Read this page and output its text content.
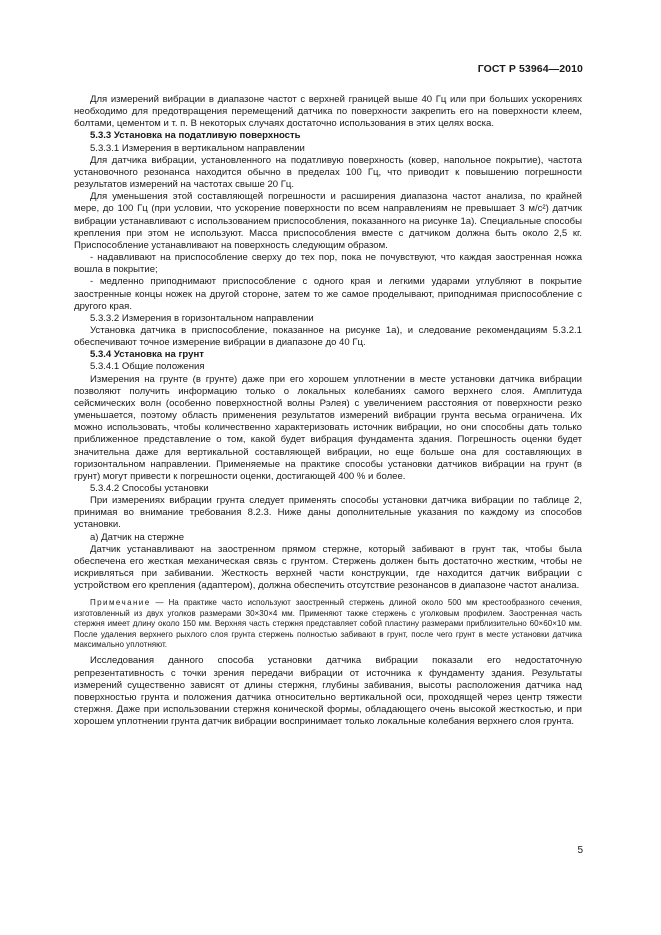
ГОСТ Р 53964—2010

Для измерений вибрации в диапазоне частот с верхней границей выше 40 Гц или при больших ускорениях необходимо для предотвращения перемещений датчика по поверхности закрепить его на поверхности клеем, болтами, цементом и т. п. В некоторых случаях достаточно использования в этих целях воска.

5.3.3 Установка на податливую поверхность

5.3.3.1 Измерения в вертикальном направлении

Для датчика вибрации, установленного на податливую поверхность (ковер, напольное покрытие), частота установочного резонанса находится обычно в пределах 100 Гц, что приводит к повышению погрешности результатов измерений на частотах свыше 20 Гц.

Для уменьшения этой составляющей погрешности и расширения диапазона частот анализа, по крайней мере, до 100 Гц (при условии, что ускорение поверхности по всем направлениям не превышает 3 м/с²) датчик вибрации устанавливают с использованием приспособления, показанного на рисунке 1а). Специальные способы крепления при этом не используют. Масса приспособления вместе с датчиком должна быть около 2,5 кг. Приспособление устанавливают на поверхность следующим образом.

- надавливают на приспособление сверху до тех пор, пока не почувствуют, что каждая заостренная ножка вошла в покрытие;

- медленно приподнимают приспособление с одного края и легкими ударами углубляют в покрытие заостренные концы ножек на другой стороне, затем то же самое проделывают, приподнимая приспособление с другого края.

5.3.3.2 Измерения в горизонтальном направлении

Установка датчика в приспособление, показанное на рисунке 1а), и следование рекомендациям 5.3.2.1 обеспечивают точное измерение вибрации в диапазоне до 40 Гц.

5.3.4 Установка на грунт

5.3.4.1 Общие положения

Измерения на грунте (в грунте) даже при его хорошем уплотнении в месте установки датчика вибрации позволяют получить информацию только о локальных колебаниях самого верхнего слоя. Амплитуда сейсмических волн (особенно поверхностной волны Рэлея) с увеличением расстояния от поверхности резко уменьшается, поэтому область применения результатов измерений вибрации грунта весьма ограничена. Их можно использовать, чтобы количественно характеризовать источник вибрации, но они способны дать только приближенное представление о том, какой будет вибрация фундамента здания. Погрешность оценки будет значительна даже для вертикальной составляющей вибрации, но еще больше она для составляющих в горизонтальном направлении. Применяемые на практике способы установки датчиков вибрации на грунт (в грунт) могут привести к погрешности оценки, достигающей 400 % и более.

5.3.4.2 Способы установки

При измерениях вибрации грунта следует применять способы установки датчика вибрации по таблице 2, принимая во внимание требования 8.2.3. Ниже даны дополнительные указания по каждому из способов установки.

а) Датчик на стержне

Датчик устанавливают на заостренном прямом стержне, который забивают в грунт так, чтобы была обеспечена его жесткая механическая связь с грунтом. Стержень должен быть достаточно жестким, чтобы не искривляться при забивании. Жесткость верхней части конструкции, где находится датчик вибрации с устройством его крепления (адаптером), должна обеспечить отсутствие резонансов в диапазоне частот анализа.

Примечание — На практике часто используют заостренный стержень длиной около 500 мм крестообразного сечения, изготовленный из двух уголков размерами 30×30×4 мм. Применяют также стержень с уголковым профилем. Заостренная часть стержня имеет длину около 150 мм. Верхняя часть стержня представляет собой пластину размерами приблизительно 60×60×10 мм. После удаления верхнего рыхлого слоя грунта стержень полностью забивают в грунт, после чего грунт в месте установки датчика максимально уплотняют.

Исследования данного способа установки датчика вибрации показали его недостаточную репрезентативность с точки зрения передачи вибрации от источника к фундаменту здания. Результаты измерений существенно зависят от длины стержня, глубины забивания, высоты расположения датчика над поверхностью грунта и положения датчика относительно вертикальной оси, проходящей через центр тяжести стержня. Даже при использовании стержня конической формы, обладающего очень высокой жесткостью, и при хорошем уплотнении грунта датчик вибрации воспринимает только локальные колебания верхнего слоя грунта.

5
